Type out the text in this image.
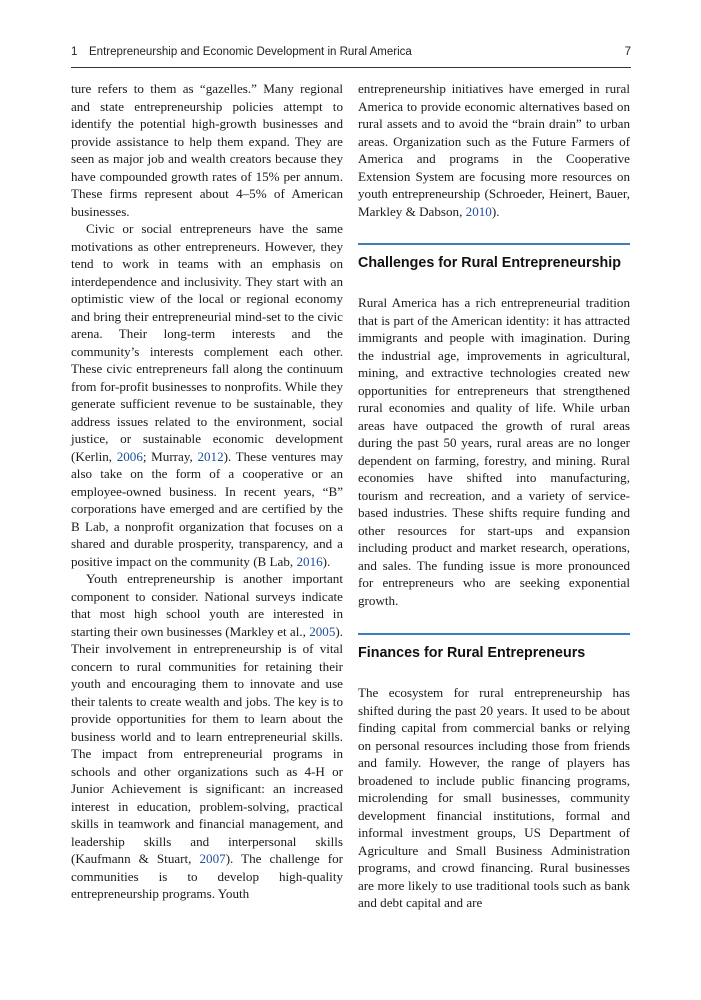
1 Entrepreneurship and Economic Development in Rural America	7

ture refers to them as “gazelles.” Many regional and state entrepreneurship policies attempt to identify the potential high-growth businesses and provide assistance to help them expand. They are seen as major job and wealth creators because they have compounded growth rates of 15% per annum. These firms represent about 4–5% of American businesses.

Civic or social entrepreneurs have the same motivations as other entrepreneurs. However, they tend to work in teams with an emphasis on interdependence and inclusivity. They start with an optimistic view of the local or regional economy and bring their entrepreneurial mind-set to the civic arena. Their long-term interests and the community’s interests complement each other. These civic entrepreneurs fall along the continuum from for-profit businesses to nonprofits. While they generate sufficient revenue to be sustainable, they address issues related to the environment, social justice, or sustainable economic development (Kerlin, 2006; Murray, 2012). These ventures may also take on the form of a cooperative or an employee-owned business. In recent years, “B” corporations have emerged and are certified by the B Lab, a nonprofit organization that focuses on a shared and durable prosperity, transparency, and a positive impact on the community (B Lab, 2016).

Youth entrepreneurship is another important component to consider. National surveys indicate that most high school youth are interested in starting their own businesses (Markley et al., 2005). Their involvement in entrepreneurship is of vital concern to rural communities for retaining their youth and encouraging them to innovate and use their talents to create wealth and jobs. The key is to provide opportunities for them to learn about the business world and to learn entrepreneurial skills. The impact from entrepreneurial programs in schools and other organizations such as 4-H or Junior Achievement is significant: an increased interest in education, problem-solving, practical skills in teamwork and financial management, and leadership skills and interpersonal skills (Kaufmann & Stuart, 2007). The challenge for communities is to develop high-quality entrepreneurship programs. Youth

entrepreneurship initiatives have emerged in rural America to provide economic alternatives based on rural assets and to avoid the “brain drain” to urban areas. Organization such as the Future Farmers of America and programs in the Cooperative Extension System are focusing more resources on youth entrepreneurship (Schroeder, Heinert, Bauer, Markley & Dabson, 2010).

Challenges for Rural Entrepreneurship

Rural America has a rich entrepreneurial tradition that is part of the American identity: it has attracted immigrants and people with imagination. During the industrial age, improvements in agricultural, mining, and extractive technologies created new opportunities for entrepreneurs that strengthened rural economies and quality of life. While urban areas have outpaced the growth of rural areas during the past 50 years, rural areas are no longer dependent on farming, forestry, and mining. Rural economies have shifted into manufacturing, tourism and recreation, and a variety of service-based industries. These shifts require funding and other resources for start-ups and expansion including product and market research, operations, and sales. The funding issue is more pronounced for entrepreneurs who are seeking exponential growth.

Finances for Rural Entrepreneurs

The ecosystem for rural entrepreneurship has shifted during the past 20 years. It used to be about finding capital from commercial banks or relying on personal resources including those from friends and family. However, the range of players has broadened to include public financing programs, microlending for small businesses, community development financial institutions, formal and informal investment groups, US Department of Agriculture and Small Business Administration programs, and crowd financing. Rural businesses are more likely to use traditional tools such as bank and debt capital and are
